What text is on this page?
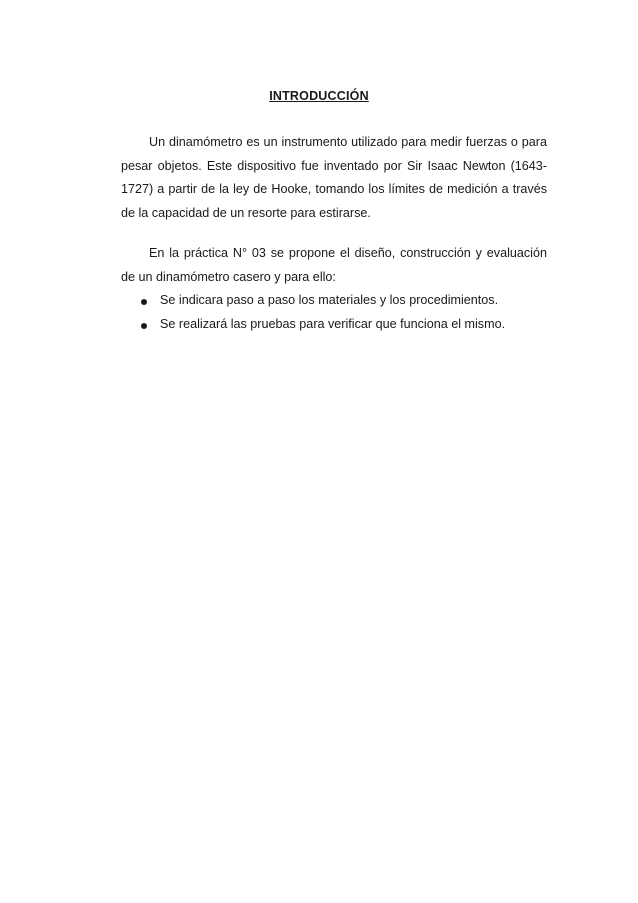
INTRODUCCIÓN

Un dinamómetro es un instrumento utilizado para medir fuerzas o para pesar objetos. Este dispositivo fue inventado por Sir Isaac Newton (1643-1727) a partir de la ley de Hooke, tomando los límites de medición a través de la capacidad de un resorte para estirarse.

En la práctica N° 03 se propone el diseño, construcción y evaluación de un dinamómetro casero y para ello:

Se indicara paso a paso los materiales y los procedimientos.
Se realizará las pruebas para verificar que funciona el mismo.
